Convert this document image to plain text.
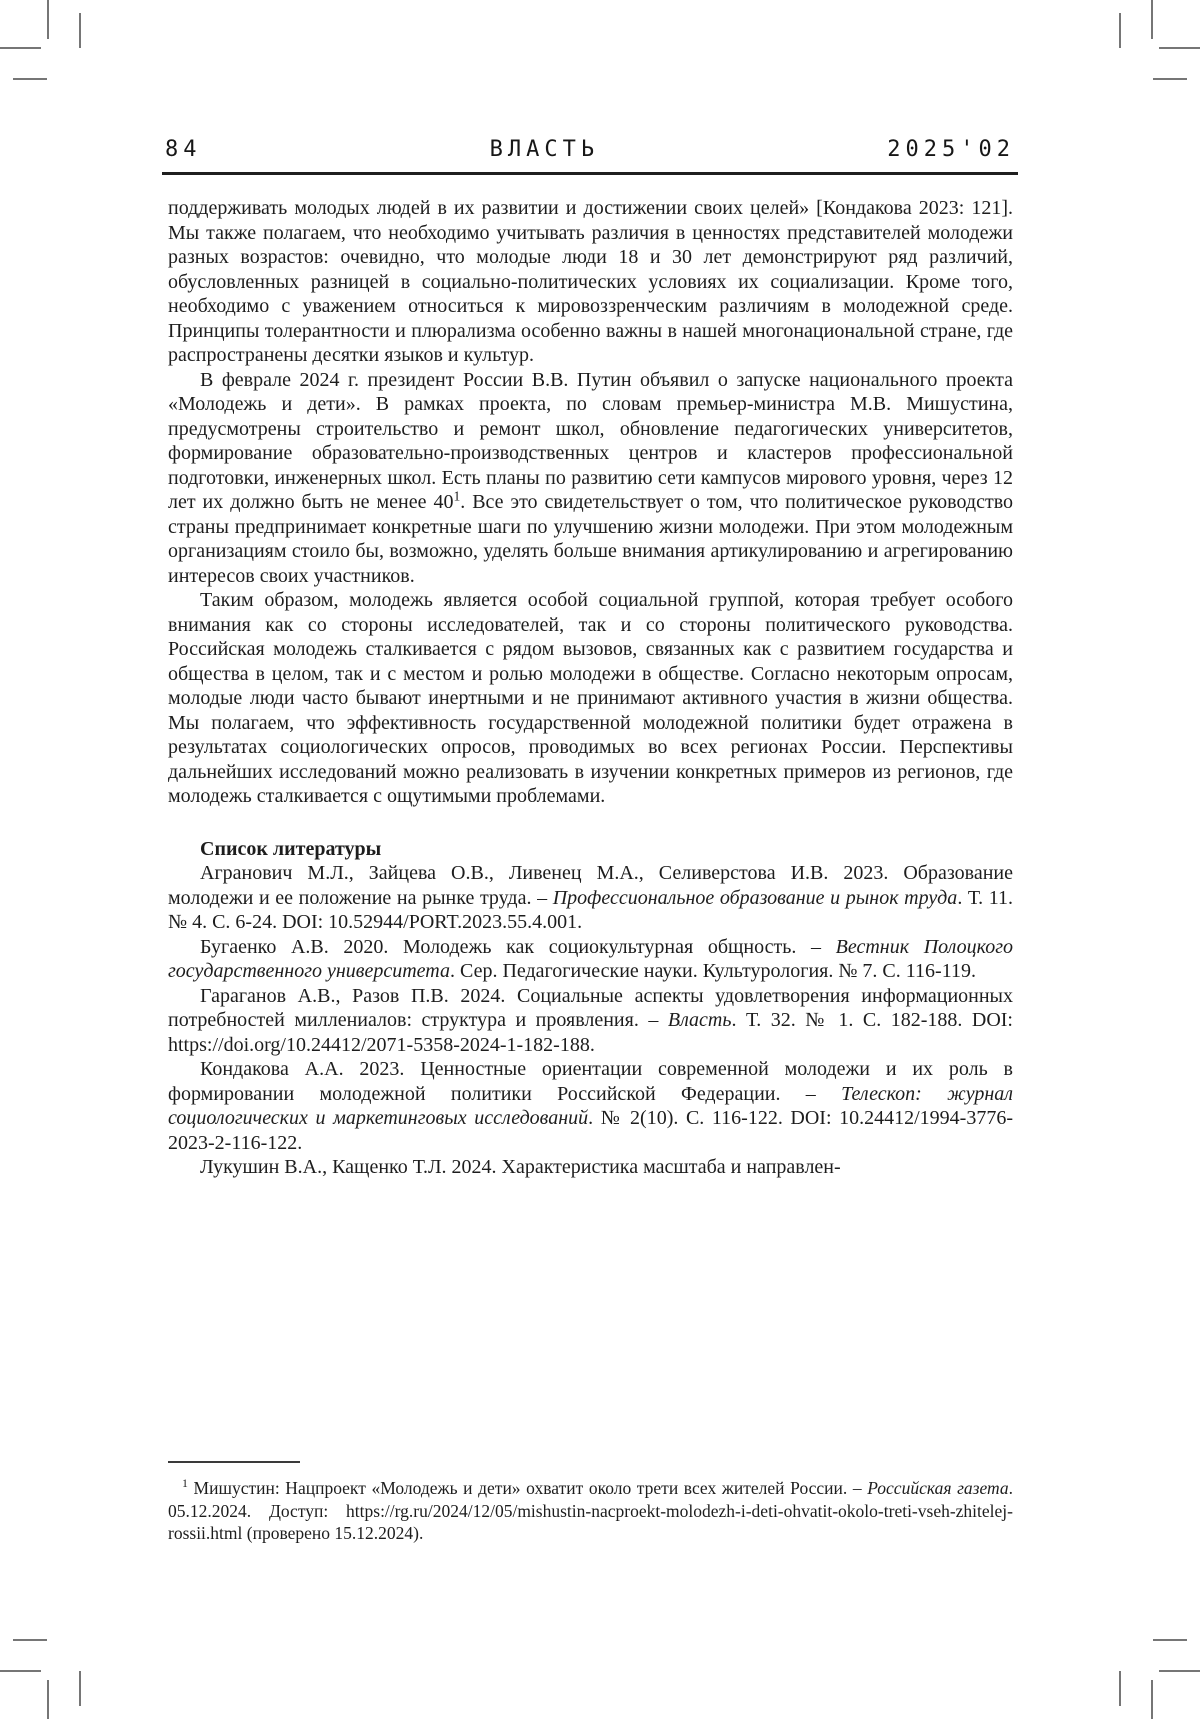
84	ВЛАСТЬ	2025'02

поддерживать молодых людей в их развитии и достижении своих целей» [Кондакова 2023: 121]. Мы также полагаем, что необходимо учитывать различия в ценностях представителей молодежи разных возрастов: очевидно, что молодые люди 18 и 30 лет демонстрируют ряд различий, обусловленных разницей в социально-политических условиях их социализации. Кроме того, необходимо с уважением относиться к мировоззренческим различиям в молодежной среде. Принципы толерантности и плюрализма особенно важны в нашей многонациональной стране, где распространены десятки языков и культур.

В феврале 2024 г. президент России В.В. Путин объявил о запуске национального проекта «Молодежь и дети». В рамках проекта, по словам премьер-министра М.В. Мишустина, предусмотрены строительство и ремонт школ, обновление педагогических университетов, формирование образовательно-производственных центров и кластеров профессиональной подготовки, инженерных школ. Есть планы по развитию сети кампусов мирового уровня, через 12 лет их должно быть не менее $40^1$. Все это свидетельствует о том, что политическое руководство страны предпринимает конкретные шаги по улучшению жизни молодежи. При этом молодежным организациям стоило бы, возможно, уделять больше внимания артикулированию и агрегированию интересов своих участников.

Таким образом, молодежь является особой социальной группой, которая требует особого внимания как со стороны исследователей, так и со стороны политического руководства. Российская молодежь сталкивается с рядом вызовов, связанных как с развитием государства и общества в целом, так и с местом и ролью молодежи в обществе. Согласно некоторым опросам, молодые люди часто бывают инертными и не принимают активного участия в жизни общества. Мы полагаем, что эффективность государственной молодежной политики будет отражена в результатах социологических опросов, проводимых во всех регионах России. Перспективы дальнейших исследований можно реализовать в изучении конкретных примеров из регионов, где молодежь сталкивается с ощутимыми проблемами.

Список литературы

Агранович М.Л., Зайцева О.В., Ливенец М.А., Селиверстова И.В. 2023. Образование молодежи и ее положение на рынке труда. – Профессиональное образование и рынок труда. Т. 11. № 4. С. 6-24. DOI: 10.52944/PORT.2023.55.4.001.

Бугаенко А.В. 2020. Молодежь как социокультурная общность. – Вестник Полоцкого государственного университета. Сер. Педагогические науки. Культурология. № 7. С. 116-119.

Гараганов А.В., Разов П.В. 2024. Социальные аспекты удовлетворения информационных потребностей миллениалов: структура и проявления. – Власть. Т. 32. № 1. С. 182-188. DOI: https://doi.org/10.24412/2071-5358-2024-1-182-188.

Кондакова А.А. 2023. Ценностные ориентации современной молодежи и их роль в формировании молодежной политики Российской Федерации. – Телескоп: журнал социологических и маркетинговых исследований. № 2(10). С. 116-122. DOI: 10.24412/1994-3776-2023-2-116-122.

Лукушин В.А., Кащенко Т.Л. 2024. Характеристика масштаба и направлен-

$^1$ Мишустин: Нацпроект «Молодежь и дети» охватит около трети всех жителей России. – Российская газета. 05.12.2024. Доступ: https://rg.ru/2024/12/05/mishustin-nacproekt-molodezh-i-deti-ohvatit-okolo-treti-vseh-zhitelej-rossii.html (проверено 15.12.2024).
